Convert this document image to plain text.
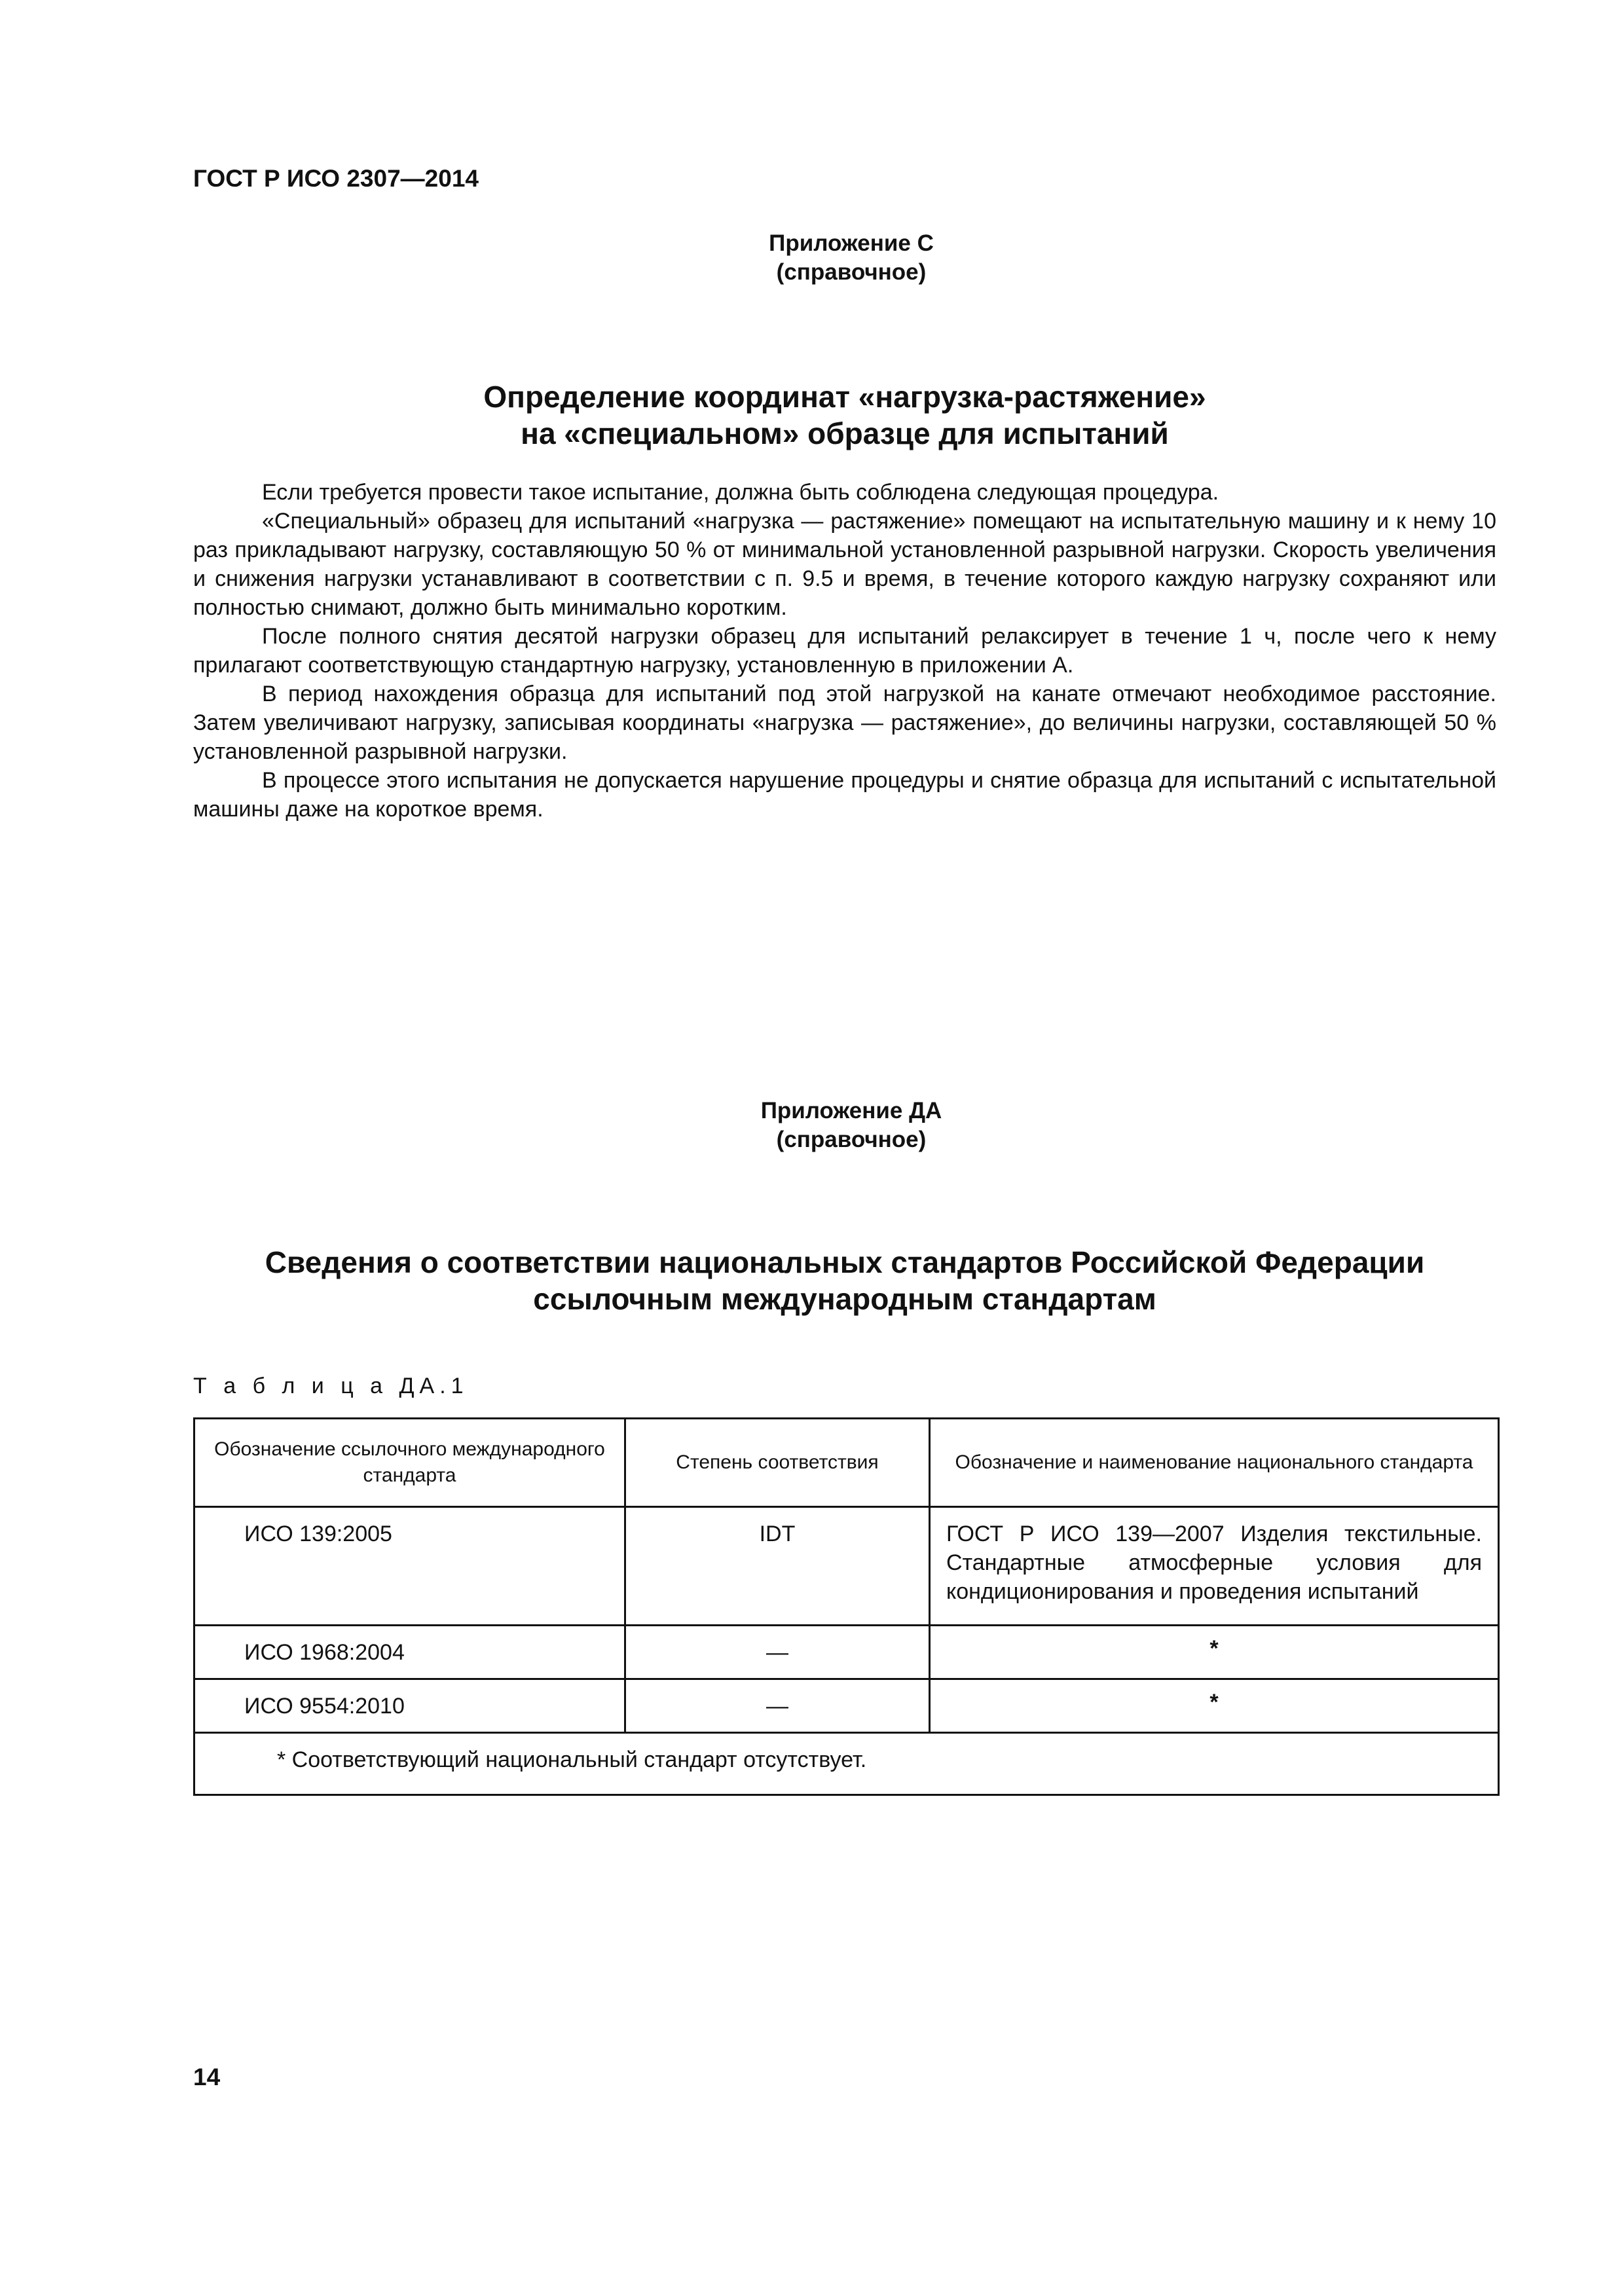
ГОСТ Р ИСО 2307—2014
Приложение С
(справочное)
Определение координат «нагрузка-растяжение»
на «специальном» образце для испытаний

Если требуется провести такое испытание, должна быть соблюдена следующая процедура.

«Специальный» образец для испытаний «нагрузка — растяжение» помещают на испытательную машину и к нему 10 раз прикладывают нагрузку, составляющую 50 % от минимальной установленной разрывной нагрузки. Скорость увеличения и снижения нагрузки устанавливают в соответствии с п. 9.5 и время, в течение которого каждую нагрузку сохраняют или полностью снимают, должно быть минимально коротким.

После полного снятия десятой нагрузки образец для испытаний релаксирует в течение 1 ч, после чего к нему прилагают соответствующую стандартную нагрузку, установленную в приложении А.

В период нахождения образца для испытаний под этой нагрузкой на канате отмечают необходимое расстояние. Затем увеличивают нагрузку, записывая координаты «нагрузка — растяжение», до величины нагрузки, составляющей 50 % установленной разрывной нагрузки.

В процессе этого испытания не допускается нарушение процедуры и снятие образца для испытаний с испытательной машины даже на короткое время.

Приложение ДА
(справочное)
Сведения о соответствии национальных стандартов Российской Федерации
ссылочным международным стандартам
Т а б л и ц а ДА.1
Обозначение ссылочного международного стандарта	Степень соответствия	Обозначение и наименование национального стандарта
ИСО 139:2005	IDT	ГОСТ Р ИСО 139—2007 Изделия текстильные. Стандартные атмосферные условия для кондиционирования и проведения испытаний
ИСО 1968:2004	—	*
ИСО 9554:2010	—	*
* Соответствующий национальный стандарт отсутствует.		
14
